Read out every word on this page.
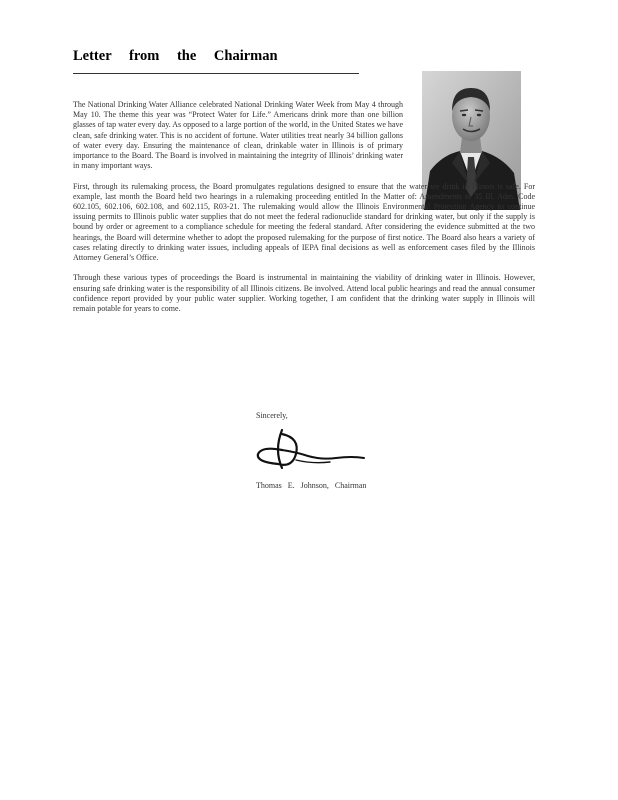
Letter from the Chairman

The National Drinking Water Alliance celebrated National Drinking Water Week from May 4 through May 10. The theme this year was “Protect Water for Life.” Americans drink more than one billion glasses of tap water every day. As opposed to a large portion of the world, in the United States we have clean, safe drinking water. This is no accident of fortune. Water utilities treat nearly 34 billion gallons of water every day. Ensuring the maintenance of clean, drinkable water in Illinois is of primary importance to the Board. The Board is involved in maintaining the integrity of Illinois’ drinking water in many important ways.

First, through its rulemaking process, the Board promulgates regulations designed to ensure that the water we drink in Illinois is safe. For example, last month the Board held two hearings in a rulemaking proceeding entitled In the Matter of: Amendments to 35 Ill. Adm. Code 602.105, 602.106, 602.108, and 602.115, R03-21. The rulemaking would allow the Illinois Environmental Protection Agency to continue issuing permits to Illinois public water supplies that do not meet the federal radionuclide standard for drinking water, but only if the supply is bound by order or agreement to a compliance schedule for meeting the federal standard. After considering the evidence submitted at the two hearings, the Board will determine whether to adopt the proposed rulemaking for the purpose of first notice. The Board also hears a variety of cases relating directly to drinking water issues, including appeals of IEPA final decisions as well as enforcement cases filed by the Illinois Attorney General’s Office.

Through these various types of proceedings the Board is instrumental in maintaining the viability of drinking water in Illinois. However, ensuring safe drinking water is the responsibility of all Illinois citizens. Be involved. Attend local public hearings and read the annual consumer confidence report provided by your public water supplier. Working together, I am confident that the drinking water supply in Illinois will remain potable for years to come.

Sincerely,
Thomas E. Johnson, Chairman
